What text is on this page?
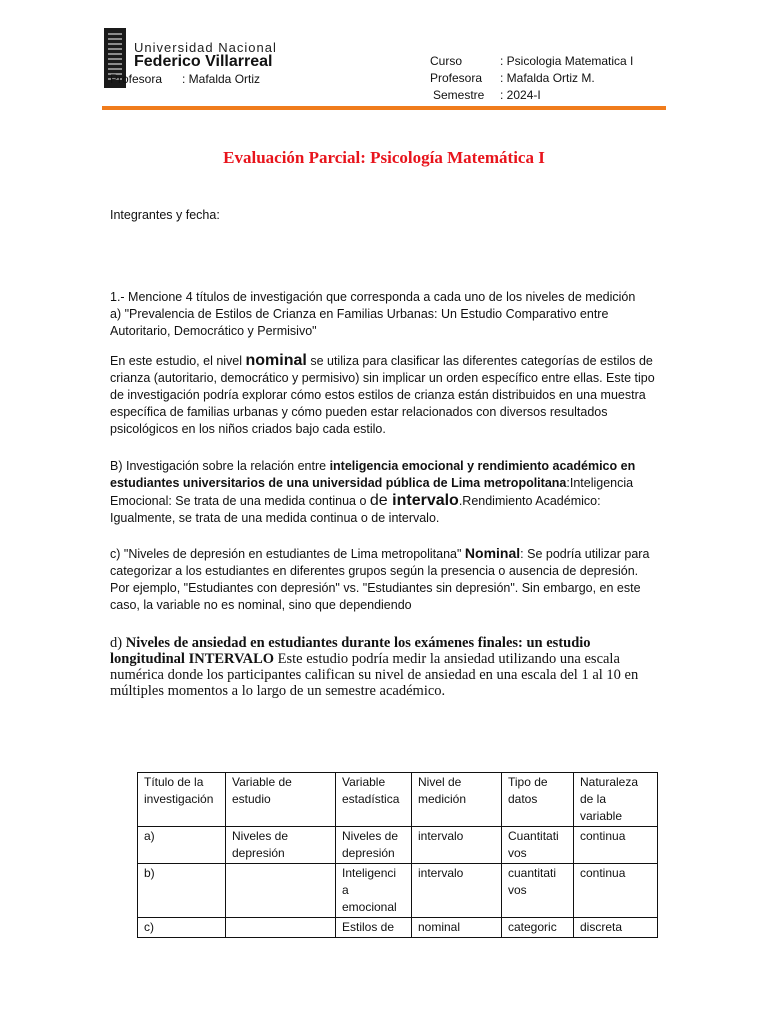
Universidad Nacional
Federico Villarreal
Profesora : Mafalda Ortiz
Curso	: Psicologia Matematica I
Profesora	: Mafalda Ortiz M.
Semestre	: 2024-I
Evaluación Parcial: Psicología Matemática I
Integrantes y fecha:
1.- Mencione 4 títulos de investigación que corresponda a cada uno de los niveles de medición
a) "Prevalencia de Estilos de Crianza en Familias Urbanas: Un Estudio Comparativo entre Autoritario, Democrático y Permisivo"
En este estudio, el nivel nominal se utiliza para clasificar las diferentes categorías de estilos de crianza (autoritario, democrático y permisivo) sin implicar un orden específico entre ellas. Este tipo de investigación podría explorar cómo estos estilos de crianza están distribuidos en una muestra específica de familias urbanas y cómo pueden estar relacionados con diversos resultados psicológicos en los niños criados bajo cada estilo.
B) Investigación sobre la relación entre inteligencia emocional y rendimiento académico en estudiantes universitarios de una universidad pública de Lima metropolitana:Inteligencia Emocional: Se trata de una medida continua o de intervalo.Rendimiento Académico: Igualmente, se trata de una medida continua o de intervalo.
c) "Niveles de depresión en estudiantes de Lima metropolitana" Nominal: Se podría utilizar para categorizar a los estudiantes en diferentes grupos según la presencia o ausencia de depresión. Por ejemplo, "Estudiantes con depresión" vs. "Estudiantes sin depresión". Sin embargo, en este caso, la variable no es nominal, sino que dependiendo
d) Niveles de ansiedad en estudiantes durante los exámenes finales: un estudio longitudinal INTERVALO Este estudio podría medir la ansiedad utilizando una escala numérica donde los participantes califican su nivel de ansiedad en una escala del 1 al 10 en múltiples momentos a lo largo de un semestre académico.
Título de la investigación	Variable de estudio	Variable estadística	Nivel de medición	Tipo de datos	Naturaleza de la variable
a)	Niveles de depresión	Niveles de depresión	intervalo	Cuantitati vos	continua
b)		Inteligenci a emocional	intervalo	cuantitati vos	continua
c)		Estilos de	nominal	categoric	discreta
